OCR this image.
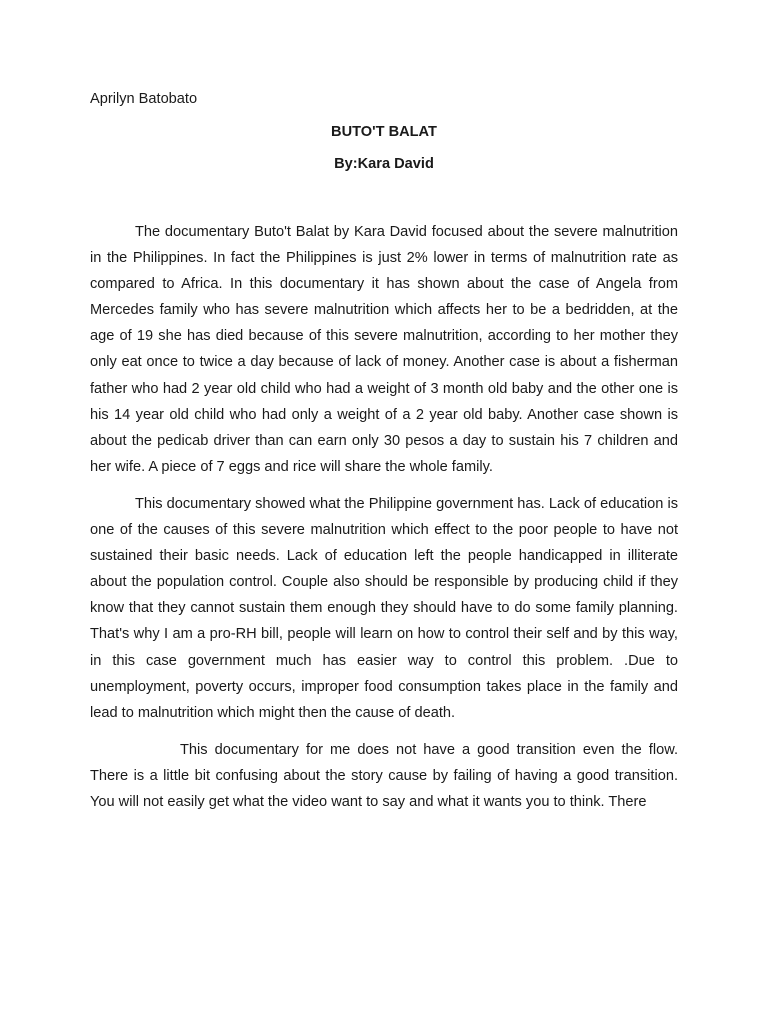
Aprilyn Batobato
BUTO'T BALAT
By:Kara David

The documentary Buto't Balat by Kara David focused about the severe malnutrition in the Philippines. In fact the Philippines is just 2% lower in terms of malnutrition rate as compared to Africa. In this documentary it has shown about the case of Angela from Mercedes family who has severe malnutrition which affects her to be a bedridden, at the age of 19 she has died because of this severe malnutrition, according to her mother they only eat once to twice a day because of lack of money. Another case is about a fisherman father who had 2 year old child who had a weight of 3 month old baby and the other one is his 14 year old child who had only a weight of a 2 year old baby. Another case shown is about the pedicab driver than can earn only 30 pesos a day to sustain his 7 children and her wife. A piece of 7 eggs and rice will share the whole family.

This documentary showed what the Philippine government has. Lack of education is one of the causes of this severe malnutrition which effect to the poor people to have not sustained their basic needs. Lack of education left the people handicapped in illiterate about the population control. Couple also should be responsible by producing child if they know that they cannot sustain them enough they should have to do some family planning. That's why I am a pro-RH bill, people will learn on how to control their self and by this way, in this case government much has easier way to control this problem. .Due to unemployment, poverty occurs, improper food consumption takes place in the family and lead to malnutrition which might then the cause of death.

This documentary for me does not have a good transition even the flow. There is a little bit confusing about the story cause by failing of having a good transition. You will not easily get what the video want to say and what it wants you to think. There
